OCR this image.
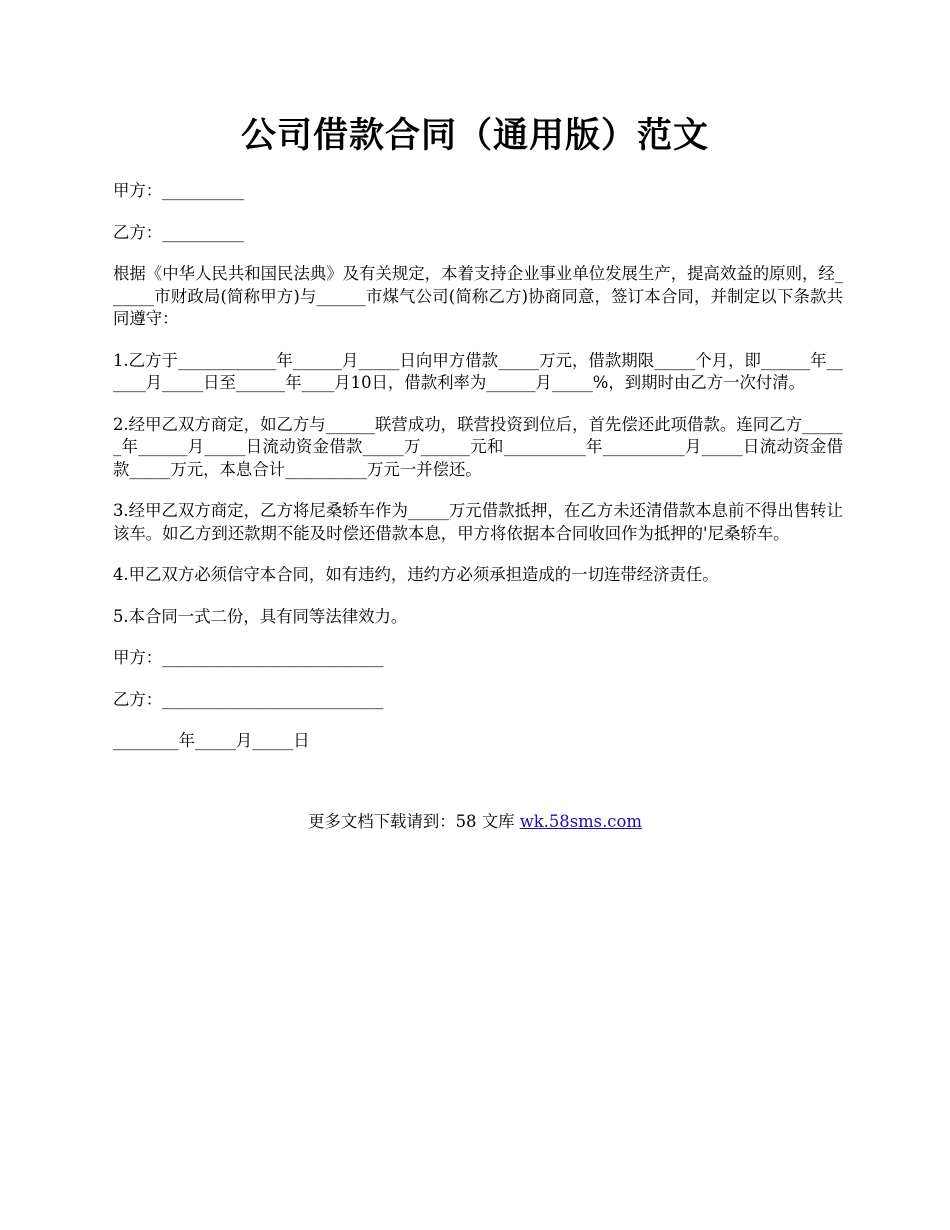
公司借款合同（通用版）范文

甲方：__________

乙方：__________

根据《中华人民共和国民法典》及有关规定，本着支持企业事业单位发展生产，提高效益的原则，经______市财政局(简称甲方)与______市煤气公司(简称乙方)协商同意，签订本合同，并制定以下条款共同遵守：

1.乙方于____________年______月_____日向甲方借款_____万元，借款期限_____个月，即______年______月_____日至______年____月10日，借款利率为______月_____%，到期时由乙方一次付清。

2.经甲乙双方商定，如乙方与______联营成功，联营投资到位后，首先偿还此项借款。连同乙方______年______月_____日流动资金借款_____万______元和__________年__________月_____日流动资金借款_____万元，本息合计__________万元一并偿还。

3.经甲乙双方商定，乙方将尼桑轿车作为_____万元借款抵押，在乙方未还清借款本息前不得出售转让该车。如乙方到还款期不能及时偿还借款本息，甲方将依据本合同收回作为抵押的'尼桑轿车。

4.甲乙双方必须信守本合同，如有违约，违约方必须承担造成的一切连带经济责任。

5.本合同一式二份，具有同等法律效力。

甲方：___________________________

乙方：___________________________

________年_____月_____日

更多文档下载请到：58 文库 wk.58sms.com
